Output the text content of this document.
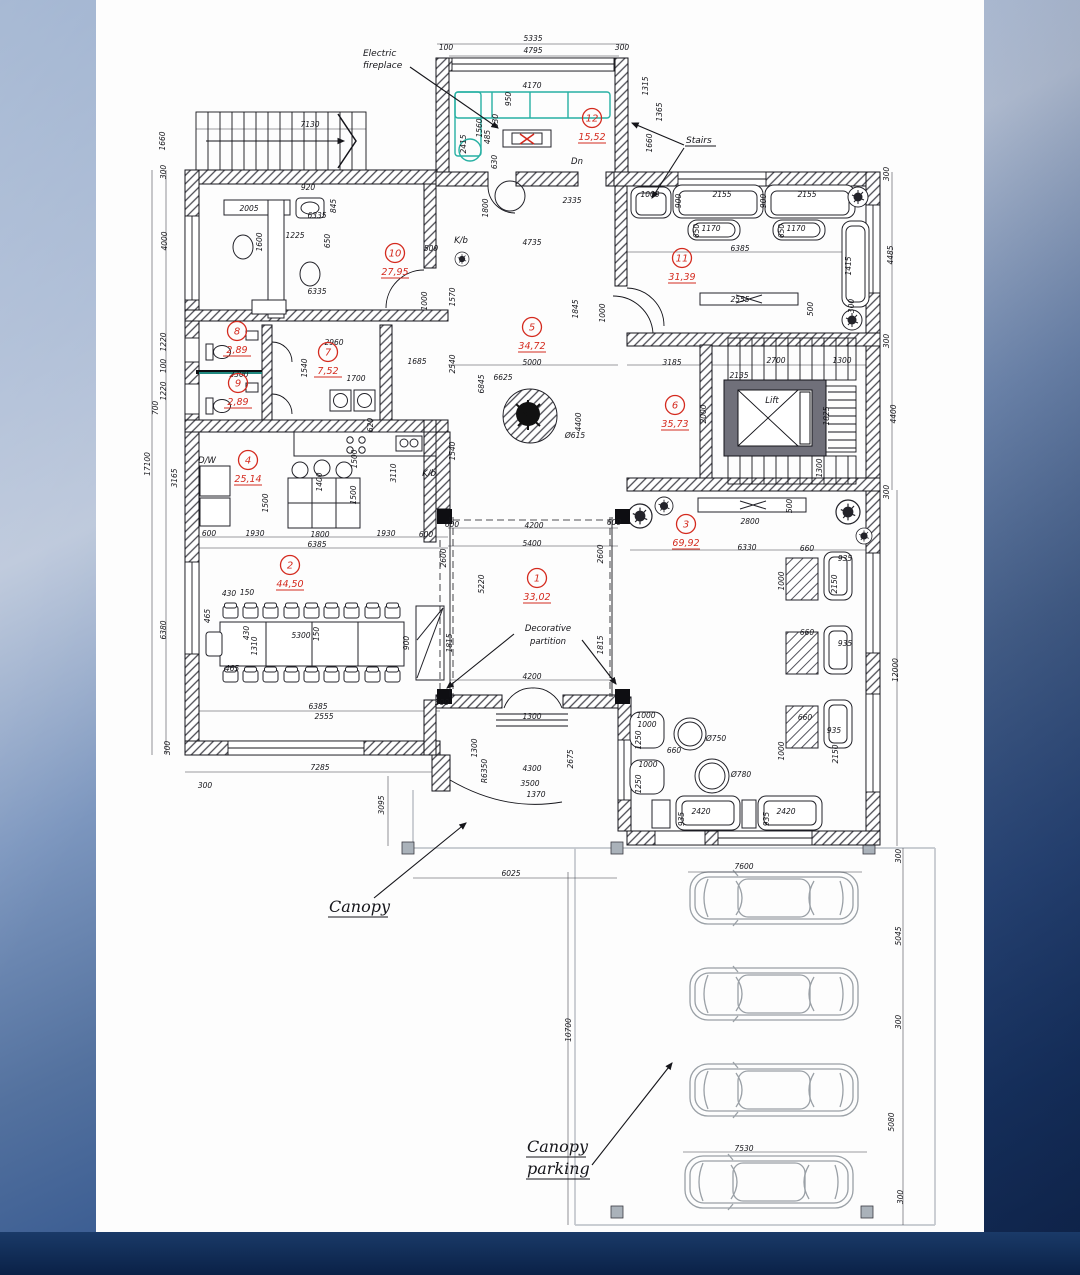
Electric
fireplace
Stairs
Dn
K/b
K/b
D/W
Lift
Decorative
partition
Canopy
Canopy
parking
5335
4795
100	300
4170
950
630
1560 485
2415
630
1315
1365
1660
7130
1660
2335
1800
4735
300
4000
17100
3165
1220
100
1220
700
6380
300
300
920
2005
6335
845
1600	1225 650
6335
500
1000	1570
2960
1540
1700
1685
2300
620
2540	5000	3185
6625
6845
1845 1000
4400
Ø615
1540
2700	1300
2135
2000	1825	4400
1300
1000 900	2155	900	2155
650 1170	650 1170
6385
2555
500
1415
300
300
4485
300
300
1500
1400
1500	1500
3110
600	1930	1800	1930	600
6385
430 150
465
430
1310
5300 150
900
465
6385
2555
2600
1815
500
600	4200
5400
600
2600
5220
1815
4200
1300	1000
2800
500
6330	660
935
1000	2150
660
935
660
935
1000	2150
1000
1250	Ø750
660
1000
1250	Ø780
935
2420
935
2420
12000
300
5045
300
5080
300
7285
3095
6025
4300
3500
1370
2675
1300
R6350
7600
7530
10700
1
33,02
2
44,50
3
69,92
4
25,14
5
34,72
6
35,73
7
7,52
8
2,89
9
2,89
10
27,95
11
31,39
12
15,52
